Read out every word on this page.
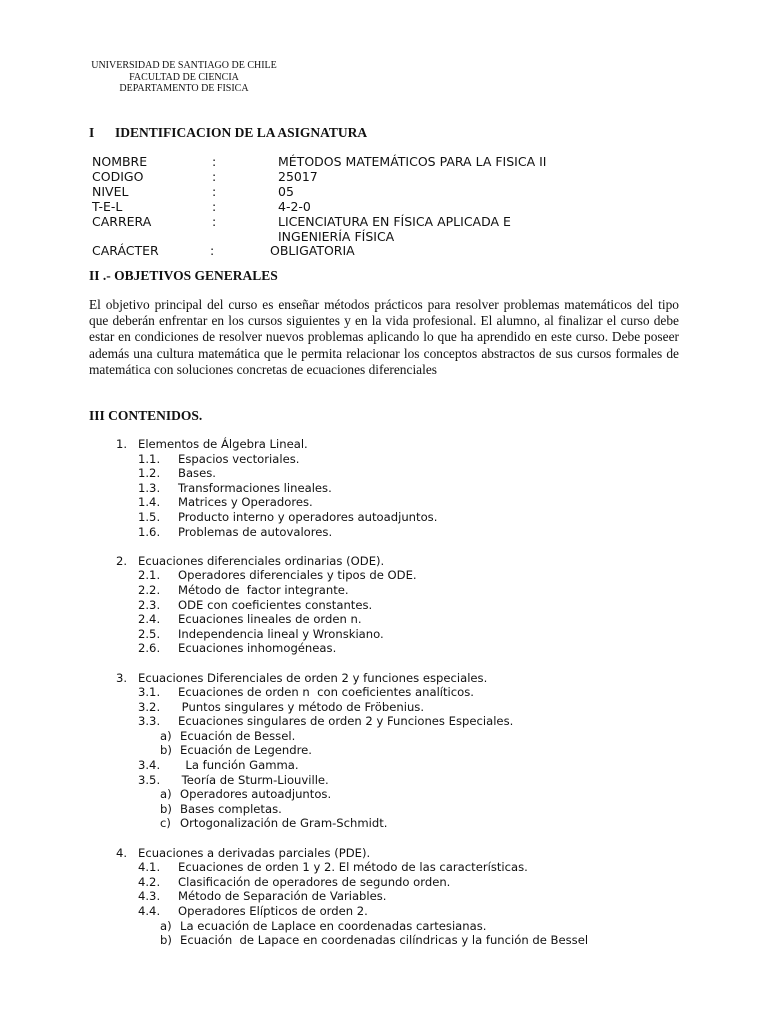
UNIVERSIDAD DE SANTIAGO DE CHILE
FACULTAD DE CIENCIA
DEPARTAMENTO DE FISICA
I IDENTIFICACION DE LA ASIGNATURA
NOMBRE	:	MÉTODOS MATEMÁTICOS PARA LA FISICA II
CODIGO	:	25017
NIVEL	:	05
T-E-L	:	4-2-0
CARRERA	:	LICENCIATURA EN FÍSICA APLICADA E INGENIERÍA FÍSICA
CARÁCTER	:	OBLIGATORIA
II .- OBJETIVOS GENERALES
El objetivo principal del curso es enseñar métodos prácticos para resolver problemas matemáticos del tipo que deberán enfrentar en los cursos siguientes y en la vida profesional. El alumno, al finalizar el curso debe estar en condiciones de resolver nuevos problemas aplicando lo que ha aprendido en este curso. Debe poseer además una cultura matemática que le permita relacionar los conceptos abstractos de sus cursos formales de matemática con soluciones concretas de ecuaciones diferenciales
III CONTENIDOS.
1. Elementos de Álgebra Lineal.
1.1. Espacios vectoriales.
1.2. Bases.
1.3. Transformaciones lineales.
1.4. Matrices y Operadores.
1.5. Producto interno y operadores autoadjuntos.
1.6. Problemas de autovalores.
2. Ecuaciones diferenciales ordinarias (ODE).
2.1. Operadores diferenciales y tipos de ODE.
2.2. Método de  factor integrante.
2.3. ODE con coeficientes constantes.
2.4. Ecuaciones lineales de orden n.
2.5. Independencia lineal y Wronskiano.
2.6. Ecuaciones inhomogéneas.
3. Ecuaciones Diferenciales de orden 2 y funciones especiales.
3.1. Ecuaciones de orden n  con coeficientes analíticos.
3.2. Puntos singulares y método de Fröbenius.
3.3. Ecuaciones singulares de orden 2 y Funciones Especiales.
a) Ecuación de Bessel.
b) Ecuación de Legendre.
3.4. La función Gamma.
3.5. Teoría de Sturm-Liouville.
a) Operadores autoadjuntos.
b) Bases completas.
c) Ortogonalización de Gram-Schmidt.
4. Ecuaciones a derivadas parciales (PDE).
4.1. Ecuaciones de orden 1 y 2. El método de las características.
4.2. Clasificación de operadores de segundo orden.
4.3. Método de Separación de Variables.
4.4. Operadores Elípticos de orden 2.
a) La ecuación de Laplace en coordenadas cartesianas.
b) Ecuación  de Lapace en coordenadas cilíndricas y la función de Bessel
